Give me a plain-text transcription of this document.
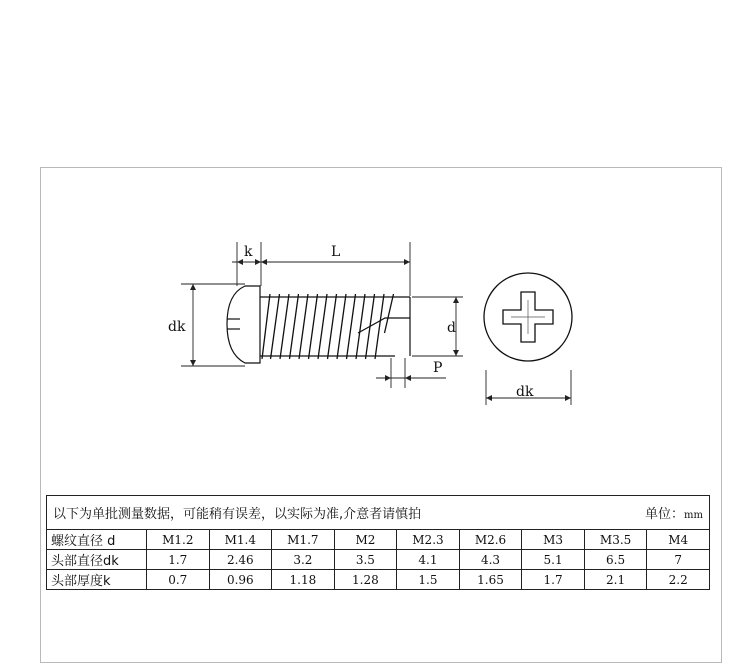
k	L
dk	d
P
dk
以下为单批测量数据，可能稍有误差，以实际为准,介意者请慎拍 单位：mm									

螺纹直径 d	M1.2	M1.4	M1.7	M2	M2.3	M2.6	M3	M3.5	M4
头部直径dk	1.7	2.46	3.2	3.5	4.1	4.3	5.1	6.5	7
头部厚度k	0.7	0.96	1.18	1.28	1.5	1.65	1.7	2.1	2.2
